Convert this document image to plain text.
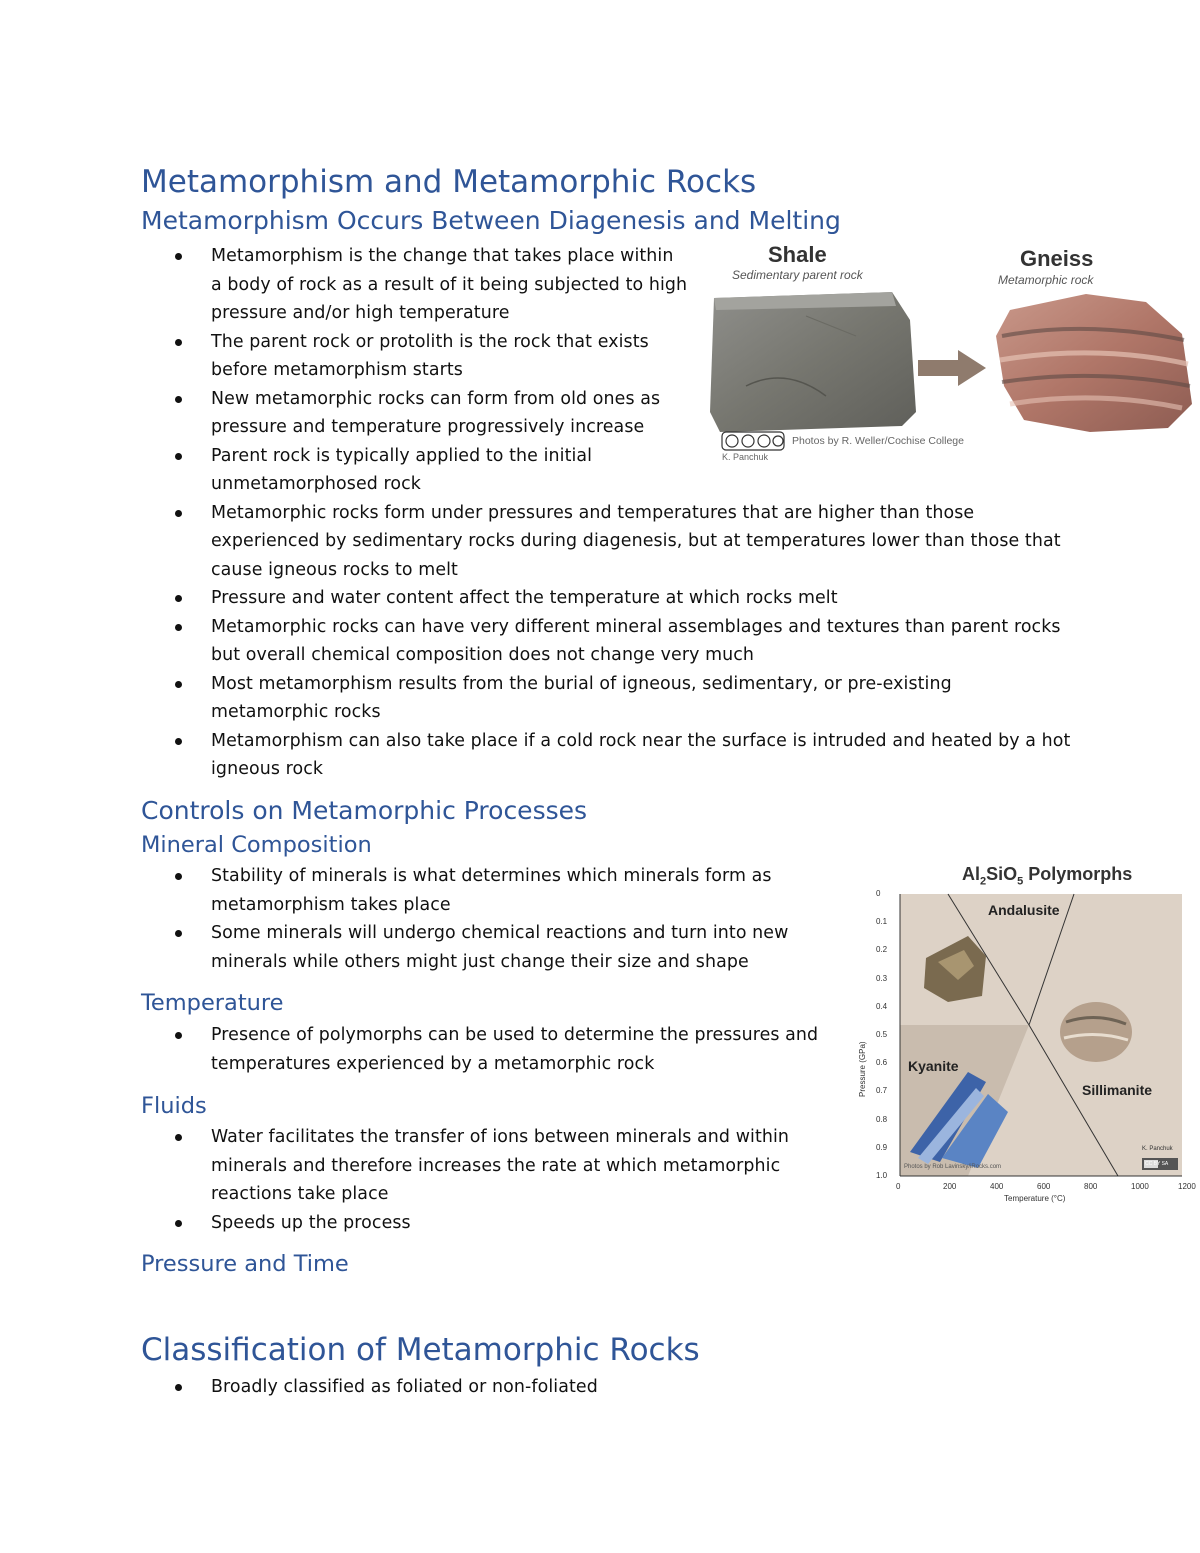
Metamorphism and Metamorphic Rocks
Metamorphism Occurs Between Diagenesis and Melting
Metamorphism is the change that takes place within
a body of rock as a result of it being subjected to high
pressure and/or high temperature
The parent rock or protolith is the rock that exists
before metamorphism starts
New metamorphic rocks can form from old ones as
pressure and temperature progressively increase
Parent rock is typically applied to the initial
unmetamorphosed rock
Metamorphic rocks form under pressures and temperatures that are higher than those
experienced by sedimentary rocks during diagenesis, but at temperatures lower than those that
cause igneous rocks to melt
Pressure and water content affect the temperature at which rocks melt
Metamorphic rocks can have very different mineral assemblages and textures than parent rocks
but overall chemical composition does not change very much
Most metamorphism results from the burial of igneous, sedimentary, or pre-existing
metamorphic rocks
Metamorphism can also take place if a cold rock near the surface is intruded and heated by a hot
igneous rock
Shale
Sedimentary parent rock
Gneiss
Metamorphic rock
Photos by R. Weller/Cochise College
K. Panchuk
Controls on Metamorphic Processes
Mineral Composition
Stability of minerals is what determines which minerals form as
metamorphism takes place
Some minerals will undergo chemical reactions and turn into new
minerals while others might just change their size and shape
Temperature
Presence of polymorphs can be used to determine the pressures and
temperatures experienced by a metamorphic rock
Fluids
Water facilitates the transfer of ions between minerals and within
minerals and therefore increases the rate at which metamorphic
reactions take place
Speeds up the process
Pressure and Time
$Al_2SiO_5$ Polymorphs
Andalusite
Kyanite
Sillimanite
K. Panchuk
Photos by Rob Lavinsky/iRocks.com	CC BY SA
Pressure (GPa)
Temperature (°C)
0
0.1
0.2
0.3
0.4
0.5
0.6
0.7
0.8
0.9
1.0
0	200	400	600	800	1000	1200
Classification of Metamorphic Rocks
Broadly classified as foliated or non-foliated
